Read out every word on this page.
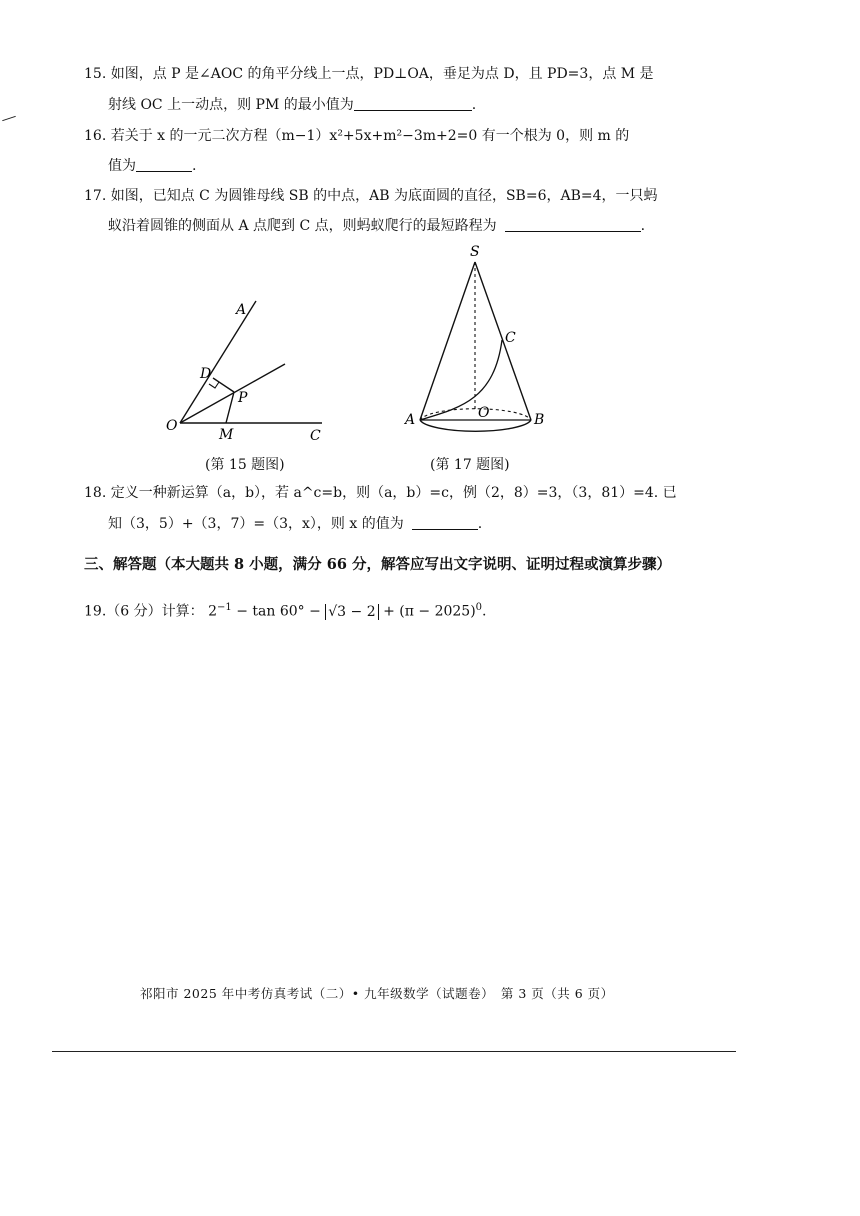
15. 如图，点 P 是∠AOC 的角平分线上一点，PD⊥OA，垂足为点 D，且 PD=3，点 M 是
射线 OC 上一动点，则 PM 的最小值为	.
16. 若关于 x 的一元二次方程（m−1）x²+5x+m²−3m+2=0 有一个根为 0，则 m 的
值为	.
17. 如图，已知点 C 为圆锥母线 SB 的中点，AB 为底面圆的直径，SB=6，AB=4，一只蚂
蚁沿着圆锥的侧面从 A 点爬到 C 点，则蚂蚁爬行的最短路程为	.
A
D
P
O
M	C
(第 15 题图)
S
C
A	O	B
(第 17 题图)
18. 定义一种新运算（a，b），若 a^c=b，则（a，b）=c，例（2，8）=3，（3，81）=4. 已
知（3，5）+（3，7）=（3，x），则 x 的值为	.
三、解答题（本大题共 8 小题，满分 66 分，解答应写出文字说明、证明过程或演算步骤）
19.（6 分）计算： $2^{-1} - \tan 60^\circ - √3 - 2 + (\pi - 2025)^0$.
祁阳市 2025 年中考仿真考试（二）• 九年级数学（试题卷）　第 3 页（共 6 页）
